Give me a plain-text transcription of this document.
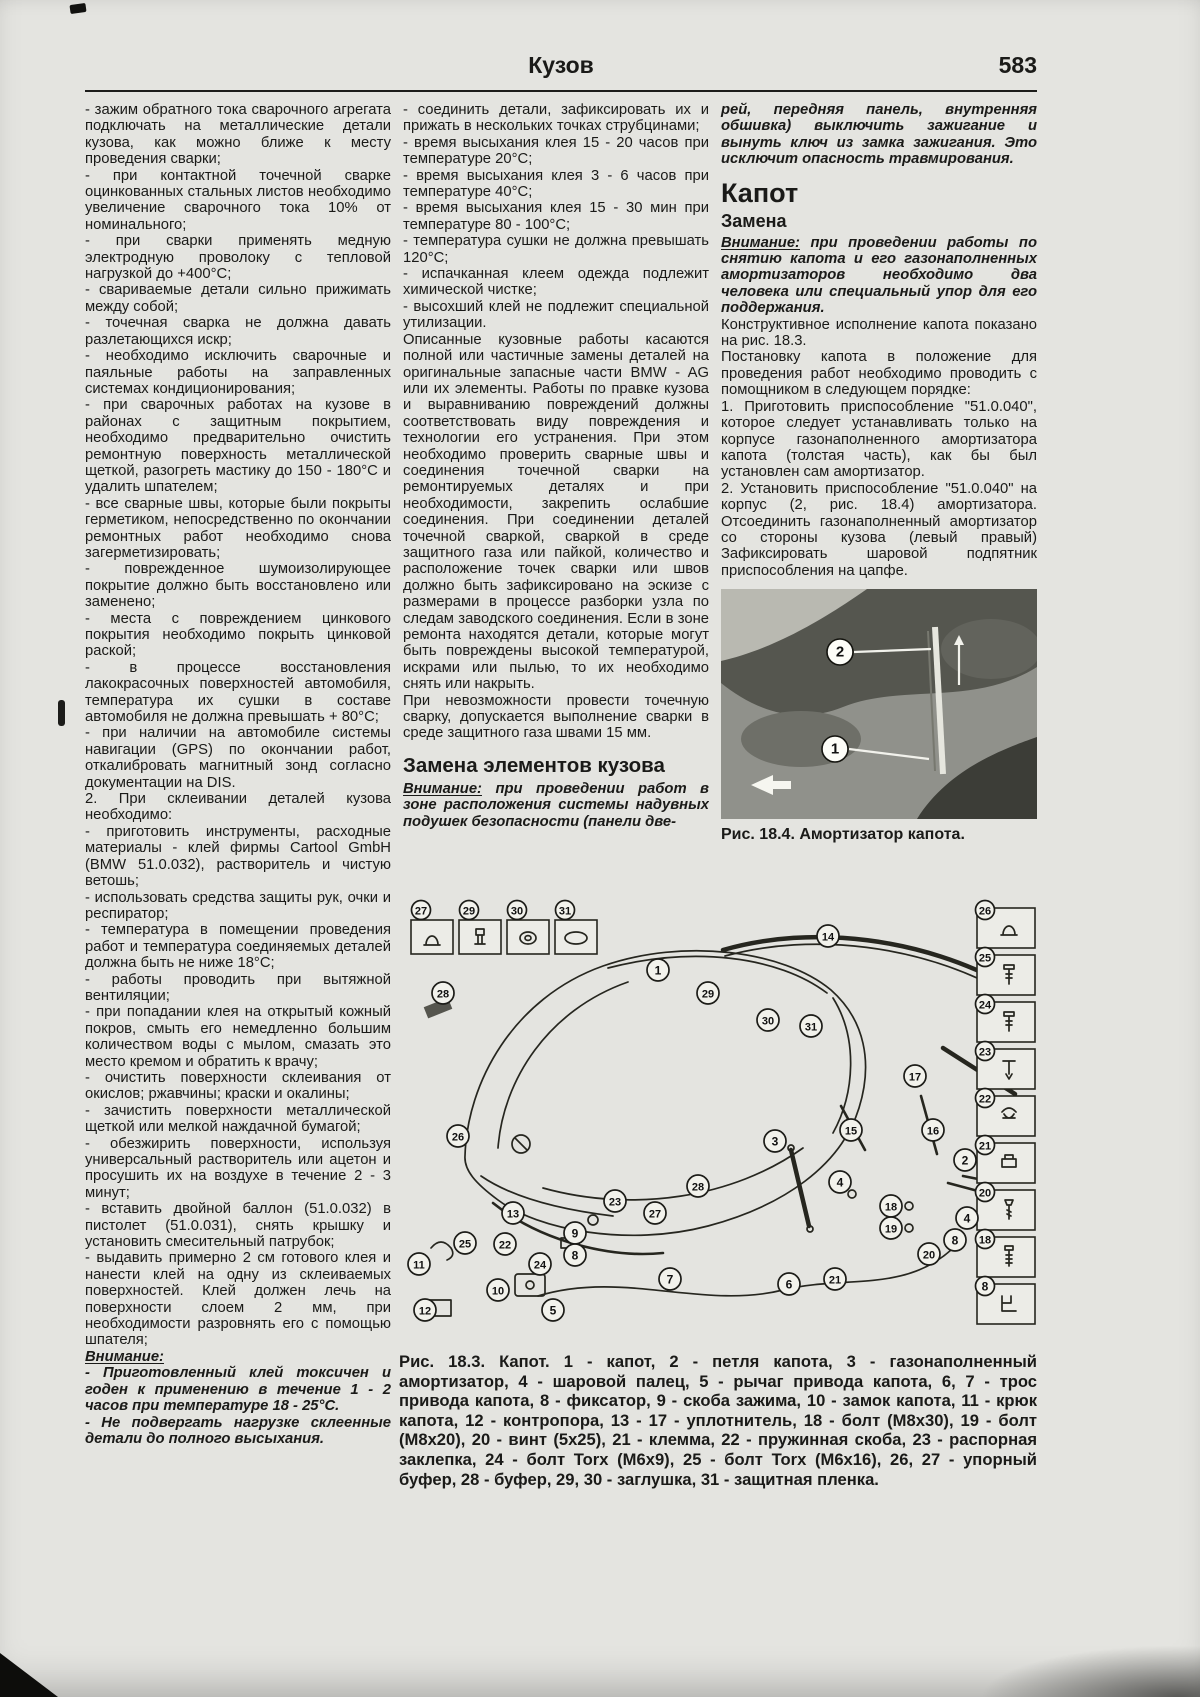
Кузов	583

- зажим обратного тока сварочного агрегата подключать на металлические детали кузова, как можно ближе к месту проведения сварки;

- при контактной точечной сварке оцинкованных стальных листов необходимо увеличение сварочного тока 10% от номинального;

- при сварки применять медную электродную проволоку с тепловой нагрузкой до +400°C;

- свариваемые детали сильно прижимать между собой;

- точечная сварка не должна давать разлетающихся искр;

- необходимо исключить сварочные и паяльные работы на заправленных системах кондиционирования;

- при сварочных работах на кузове в районах с защитным покрытием, необходимо предварительно очистить ремонтную поверхность металлической щеткой, разогреть мастику до 150 - 180°C и удалить шпателем;

- все сварные швы, которые были покрыты герметиком, непосредственно по окончании ремонтных работ необходимо снова загерметизировать;

- поврежденное шумоизолирующее покрытие должно быть восстановлено или заменено;

- места с повреждением цинкового покрытия необходимо покрыть цинковой раской;

- в процессе восстановления лакокрасочных поверхностей автомобиля, температура их сушки в составе автомобиля не должна превышать + 80°C;

- при наличии на автомобиле системы навигации (GPS) по окончании работ, откалибровать магнитный зонд согласно документации на DIS.

2. При склеивании деталей кузова необходимо:

- приготовить инструменты, расходные материалы - клей фирмы Cartool GmbH (BMW 51.0.032), растворитель и чистую ветошь;

- использовать средства защиты рук, очки и респиратор;

- температура в помещении проведения работ и температура соединяемых деталей должна быть не ниже 18°C;

- работы проводить при вытяжной вентиляции;

- при попадании клея на открытый кожный покров, смыть его немедленно большим количеством воды с мылом, смазать это место кремом и обратить к врачу;

- очистить поверхности склеивания от окислов; ржавчины; краски и окалины;

- зачистить поверхности металлической щеткой или мелкой наждачной бумагой;

- обезжирить поверхности, используя универсальный растворитель или ацетон и просушить их на воздухе в течение 2 - 3 минут;

- вставить двойной баллон (51.0.032) в пистолет (51.0.031), снять крышку и установить смесительный патрубок;

- выдавить примерно 2 см готового клея и нанести клей на одну из склеиваемых поверхностей. Клей должен лечь на поверхности слоем 2 мм, при необходимости разровнять его с помощью шпателя;

Внимание:

- Приготовленный клей токсичен и годен к применению в течение 1 - 2 часов при температуре 18 - 25°C.

- Не подвергать нагрузке склеенные детали до полного высыхания.

- соединить детали, зафиксировать их и прижать в нескольких точках струбцинами;

- время высыхания клея 15 - 20 часов при температуре 20°C;

- время высыхания клея 3 - 6 часов при температуре 40°C;

- время высыхания клея 15 - 30 мин при температуре 80 - 100°C;

- температура сушки не должна превышать 120°C;

- испачканная клеем одежда подлежит химической чистке;

- высохший клей не подлежит специальной утилизации.

Описанные кузовные работы касаются полной или частичные замены деталей на оригинальные запасные части BMW - AG или их элементы. Работы по правке кузова и выравниванию повреждений должны соответствовать виду повреждения и технологии его устранения. При этом необходимо проверить сварные швы и соединения точечной сварки на ремонтируемых деталях и при необходимости, закрепить ослабшие соединения. При соединении деталей точечной сваркой, сваркой в среде защитного газа или пайкой, количество и расположение точек сварки или швов должно быть зафиксировано на эскизе с размерами в процессе разборки узла по следам заводского соединения. Если в зоне ремонта находятся детали, которые могут быть повреждены высокой температурой, искрами или пылью, то их необходимо снять или накрыть.

При невозможности провести точечную сварку, допускается выполнение сварки в среде защитного газа швами 15 мм.

Замена элементов кузова

Внимание: при проведении работ в зоне расположения системы надувных подушек безопасности (панели две-

рей, передняя панель, внутренняя обшивка) выключить зажигание и вынуть ключ из замка зажигания. Это исключит опасность травмирования.

Капот

Замена

Внимание: при проведении работы по снятию капота и его газонаполненных амортизаторов необходимо два человека или специальный упор для его поддержания.

Конструктивное исполнение капота показано на рис. 18.3.

Постановку капота в положение для проведения работ необходимо проводить с помощником в следующем порядке:

1. Приготовить приспособление "51.0.040", которое следует устанавливать только на корпусе газонаполненного амортизатора капота (толстая часть), как бы был установлен сам амортизатор.

2. Установить приспособление "51.0.040" на корпус (2, рис. 18.4) амортизатора. Отсоединить газонаполненный амортизатор со стороны кузова (левый правый) Зафиксировать шаровой подпятник приспособления на цапфе.

2
1
Рис. 18.4. Амортизатор капота.
27	29	30	31	26
25
24
23
22
21
20
18
8
28
1
29
30	31
14
17
15	16
2
3
4
18
19
26
13
23
9
8
27
28
25	22
24
11
10
5
12
7	6	21
20
8
4
Рис. 18.3. Капот. 1 - капот, 2 - петля капота, 3 - газонаполненный амортизатор, 4 - шаровой палец, 5 - рычаг привода капота, 6, 7 - трос привода капота, 8 - фиксатор, 9 - скоба зажима, 10 - замок капота, 11 - крюк капота, 12 - контропора, 13 - 17 - уплотнитель, 18 - болт (М8х30), 19 - болт (М8х20), 20 - винт (5х25), 21 - клемма, 22 - пружинная скоба, 23 - распорная заклепка, 24 - болт Torx (М6х9), 25 - болт Torx (М6х16), 26, 27 - упорный буфер, 28 - буфер, 29, 30 - заглушка, 31 - защитная пленка.
